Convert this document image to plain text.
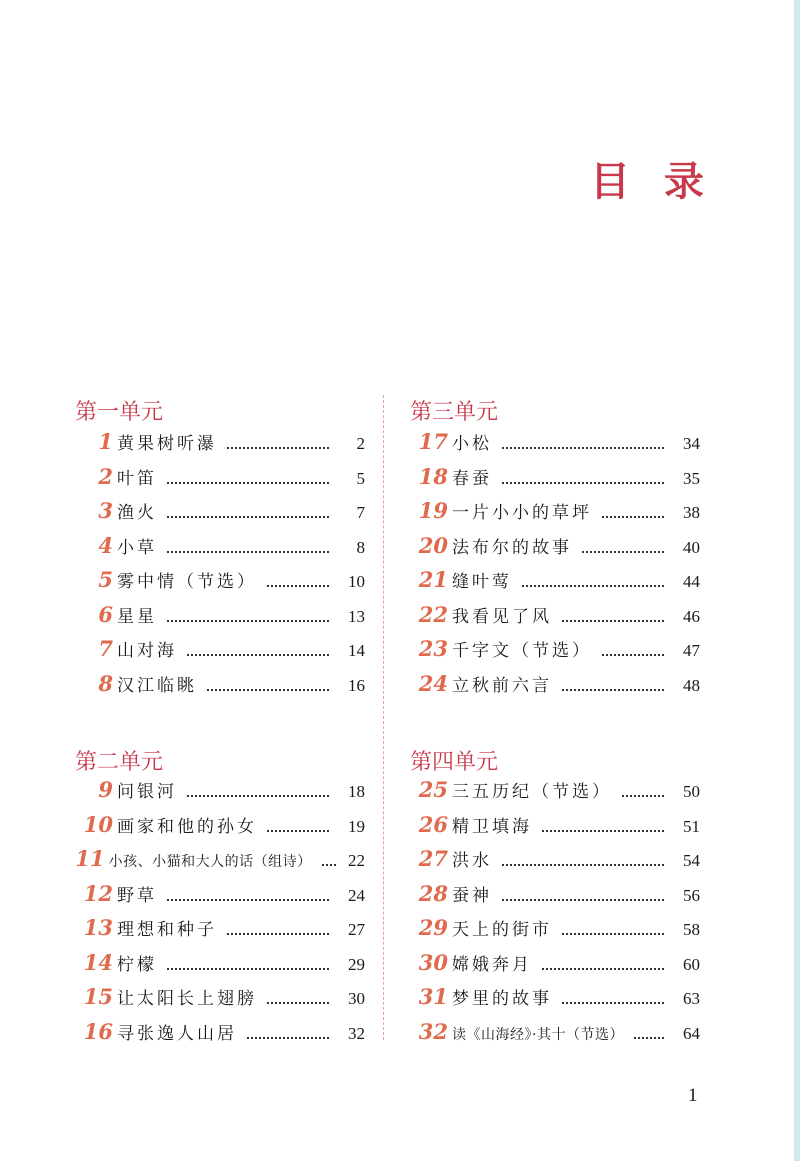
目 录
第一单元
1 黄果树听瀑	2
2 叶笛	5
3 渔火	7
4 小草	8
5 雾中情（节选）	10
6 星星	13
7 山对海	14
8 汉江临眺	16
第二单元
9 问银河	18
10 画家和他的孙女	19
11 小孩、小猫和大人的话（组诗）	22
12 野草	24
13 理想和种子	27
14 柠檬	29
15 让太阳长上翅膀	30
16 寻张逸人山居	32
第三单元
17 小松	34
18 春蚕	35
19 一片小小的草坪	38
20 法布尔的故事	40
21 缝叶莺	44
22 我看见了风	46
23 千字文（节选）	47
24 立秋前六言	48
第四单元
25 三五历纪（节选）	50
26 精卫填海	51
27 洪水	54
28 蚕神	56
29 天上的街市	58
30 嫦娥奔月	60
31 梦里的故事	63
32 读《山海经》·其十（节选）	64
1
